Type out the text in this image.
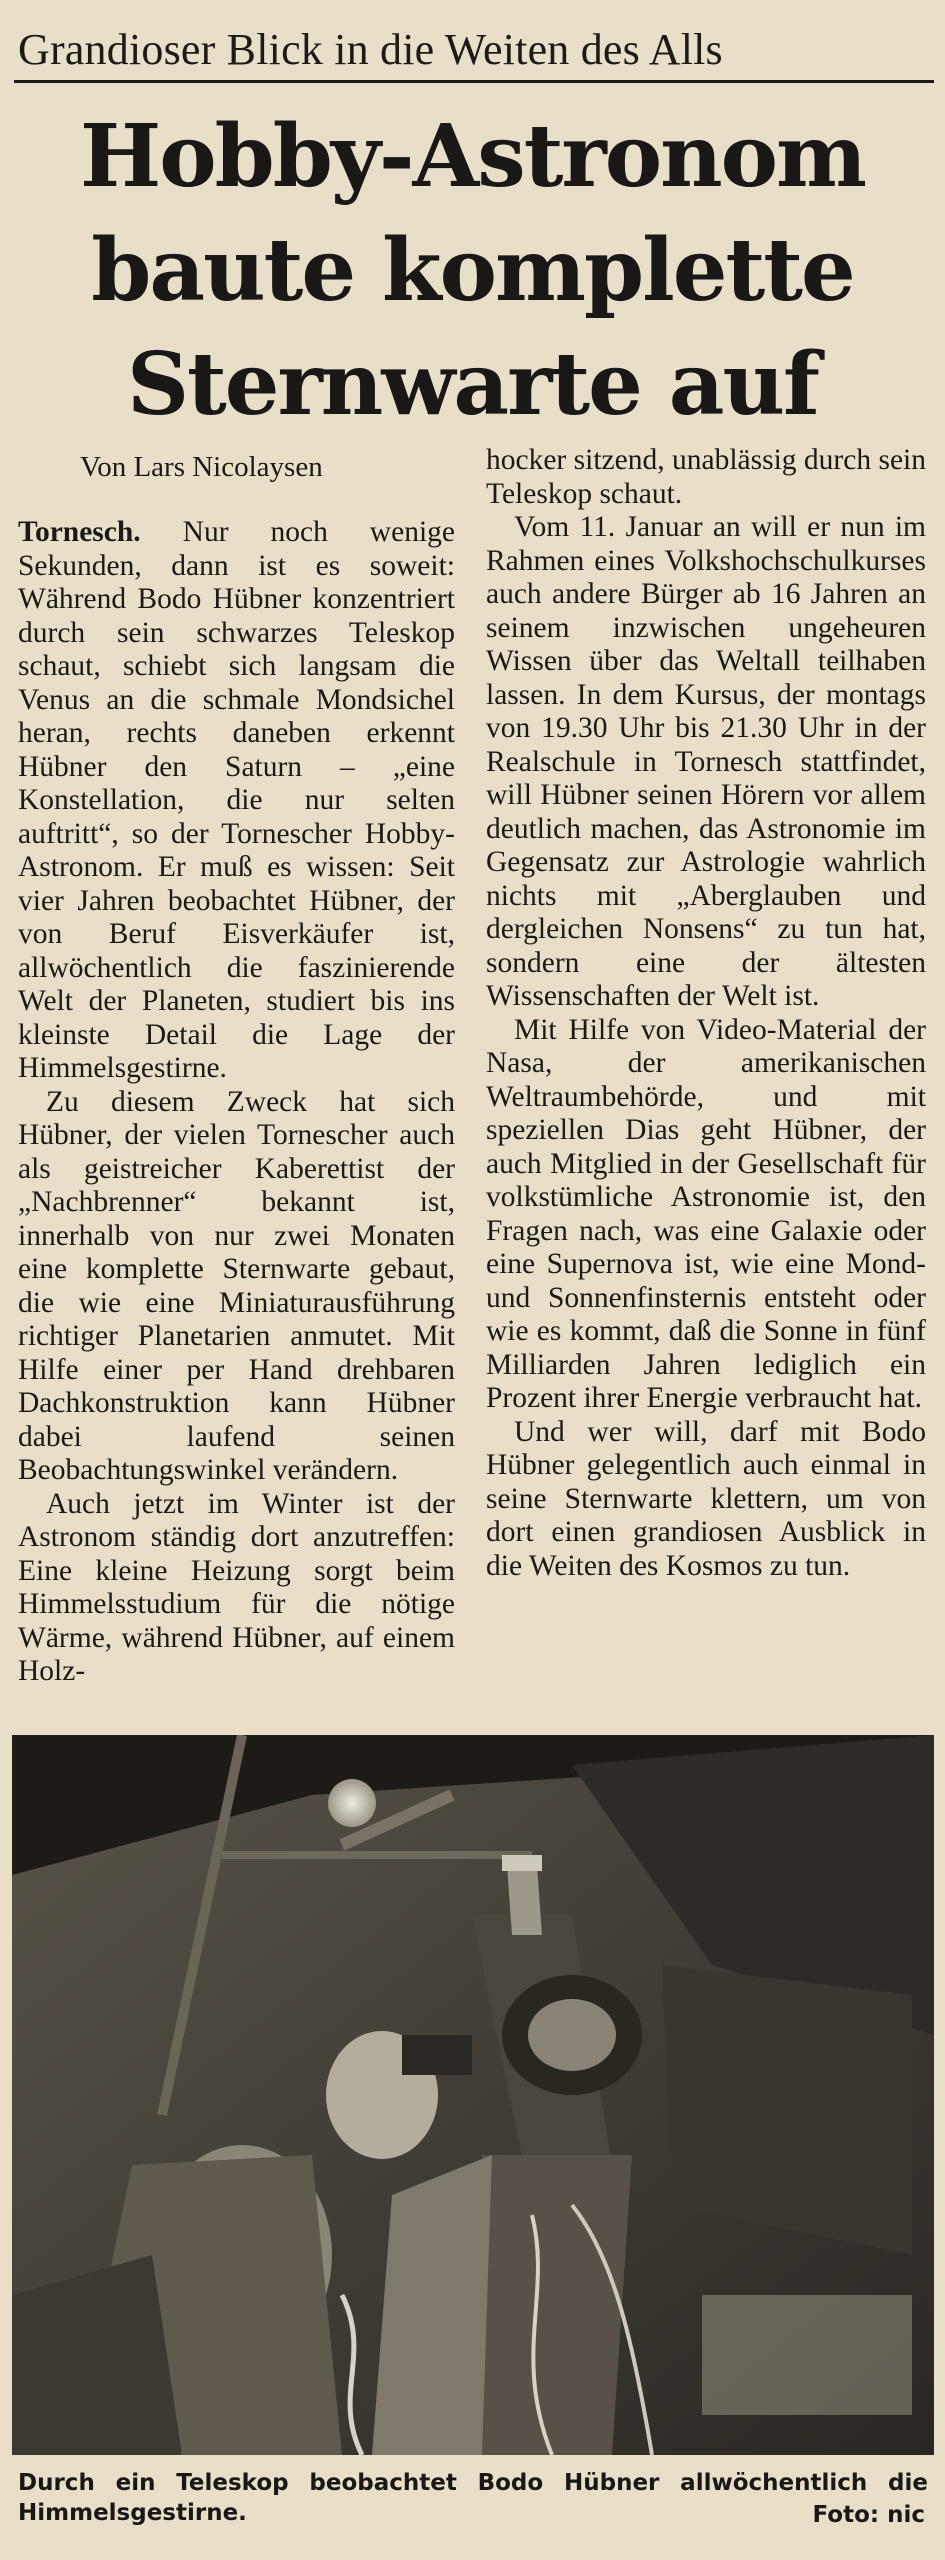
Grandioser Blick in die Weiten des Alls
Hobby-Astronom
baute komplette
Sternwarte auf
Von Lars Nicolaysen

Tornesch. Nur noch wenige Sekunden, dann ist es soweit: Während Bodo Hübner konzentriert durch sein schwarzes Teleskop schaut, schiebt sich langsam die Venus an die schmale Mondsichel heran, rechts daneben erkennt Hübner den Saturn – „eine Konstellation, die nur selten auftritt“, so der Tornescher Hobby-Astronom. Er muß es wissen: Seit vier Jahren beobachtet Hübner, der von Beruf Eisverkäufer ist, allwöchentlich die faszinierende Welt der Planeten, studiert bis ins kleinste Detail die Lage der Himmelsgestirne.

Zu diesem Zweck hat sich Hübner, der vielen Tornescher auch als geistreicher Kaberettist der „Nachbrenner“ bekannt ist, innerhalb von nur zwei Monaten eine komplette Sternwarte gebaut, die wie eine Miniaturausführung richtiger Planetarien anmutet. Mit Hilfe einer per Hand drehbaren Dachkonstruktion kann Hübner dabei laufend seinen Beobachtungswinkel verändern.

Auch jetzt im Winter ist der Astronom ständig dort anzutreffen: Eine kleine Heizung sorgt beim Himmelsstudium für die nötige Wärme, während Hübner, auf einem Holz-

hocker sitzend, unablässig durch sein Teleskop schaut.

Vom 11. Januar an will er nun im Rahmen eines Volkshochschulkurses auch andere Bürger ab 16 Jahren an seinem inzwischen ungeheuren Wissen über das Weltall teilhaben lassen. In dem Kursus, der montags von 19.30 Uhr bis 21.30 Uhr in der Realschule in Tornesch stattfindet, will Hübner seinen Hörern vor allem deutlich machen, das Astronomie im Gegensatz zur Astrologie wahrlich nichts mit „Aberglauben und dergleichen Nonsens“ zu tun hat, sondern eine der ältesten Wissenschaften der Welt ist.

Mit Hilfe von Video-Material der Nasa, der amerikanischen Weltraumbehörde, und mit speziellen Dias geht Hübner, der auch Mitglied in der Gesellschaft für volkstümliche Astronomie ist, den Fragen nach, was eine Galaxie oder eine Supernova ist, wie eine Mond- und Sonnenfinsternis entsteht oder wie es kommt, daß die Sonne in fünf Milliarden Jahren lediglich ein Prozent ihrer Energie verbraucht hat.

Und wer will, darf mit Bodo Hübner gelegentlich auch einmal in seine Sternwarte klettern, um von dort einen grandiosen Ausblick in die Weiten des Kosmos zu tun.

Durch ein Teleskop beobachtet Bodo Hübner allwöchentlich die Himmelsgestirne.	Foto: nic
